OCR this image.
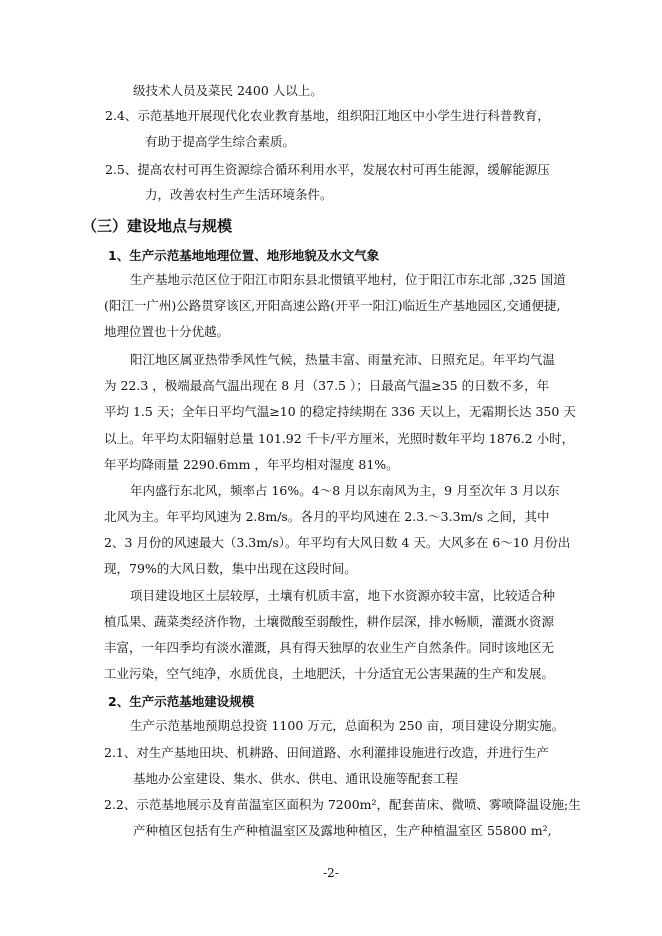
级技术人员及菜民 2400 人以上。
2.4、示范基地开展现代化农业教育基地，组织阳江地区中小学生进行科普教育，
有助于提高学生综合素质。
2.5、提高农村可再生资源综合循环利用水平，发展农村可再生能源，缓解能源压
力，改善农村生产生活环境条件。
（三）建设地点与规模
1、生产示范基地地理位置、地形地貌及水文气象
生产基地示范区位于阳江市阳东县北惯镇平地村，位于阳江市东北部 ,325 国道
(阳江一广州)公路贯穿该区,开阳高速公路(开平一阳江)临近生产基地园区,交通便捷,
地理位置也十分优越。
阳江地区属亚热带季风性气候，热量丰富、雨量充沛、日照充足。年平均气温
为 22.3 ，极端最高气温出现在 8 月（37.5 ）；日最高气温≥35 的日数不多，年
平均 1.5 天；全年日平均气温≥10 的稳定持续期在 336 天以上，无霜期长达 350 天
以上。年平均太阳辐射总量 101.92 千卡/平方厘米，光照时数年平均 1876.2 小时，
年平均降雨量 2290.6mm ，年平均相对湿度 81%。
年内盛行东北风，频率占 16%。4～8 月以东南风为主，9 月至次年 3 月以东
北风为主。年平均风速为 2.8m/s。各月的平均风速在 2.3.～3.3m/s 之间，其中
2、3 月份的风速最大（3.3m/s）。年平均有大风日数 4 天。大风多在 6～10 月份出
现，79%的大风日数，集中出现在这段时间。
项目建设地区土层较厚，土壤有机质丰富，地下水资源亦较丰富，比较适合种
植瓜果、蔬菜类经济作物，土壤微酸至弱酸性，耕作层深，排水畅顺，灌溉水资源
丰富，一年四季均有淡水灌溉，具有得天独厚的农业生产自然条件。同时该地区无
工业污染，空气纯净，水质优良，土地肥沃，十分适宜无公害果蔬的生产和发展。
2、生产示范基地建设规模
生产示范基地预期总投资 1100 万元，总面积为 250 亩，项目建设分期实施。
2.1、对生产基地田块、机耕路、田间道路、水利灌排设施进行改造，并进行生产
基地办公室建设、集水、供水、供电、通讯设施等配套工程
2.2、示范基地展示及育苗温室区面积为 7200m²，配套苗床、微喷、雾喷降温设施;生
产种植区包括有生产种植温室区及露地种植区，生产种植温室区 55800 m²,
-2-
